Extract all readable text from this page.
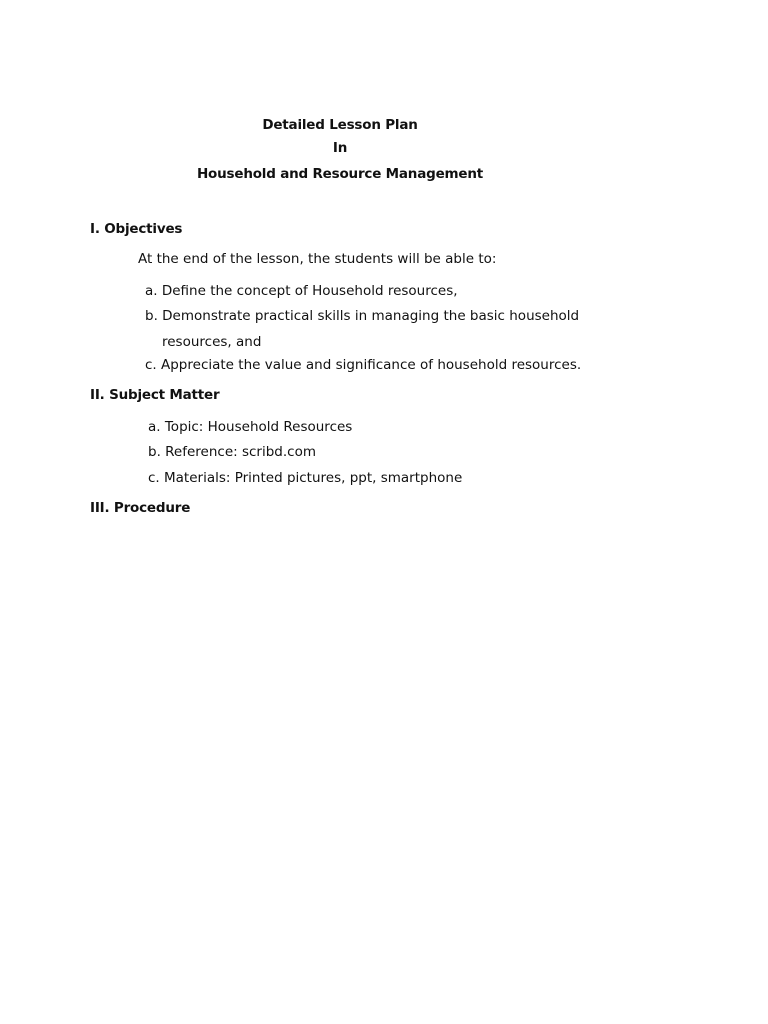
Detailed Lesson Plan
In
Household and Resource Management
I. Objectives
At the end of the lesson, the students will be able to:
a. Define the concept of Household resources,
b. Demonstrate practical skills in managing the basic household
resources, and
c. Appreciate the value and significance of household resources.
II. Subject Matter
a. Topic: Household Resources
b. Reference: scribd.com
c. Materials: Printed pictures, ppt, smartphone
III. Procedure
